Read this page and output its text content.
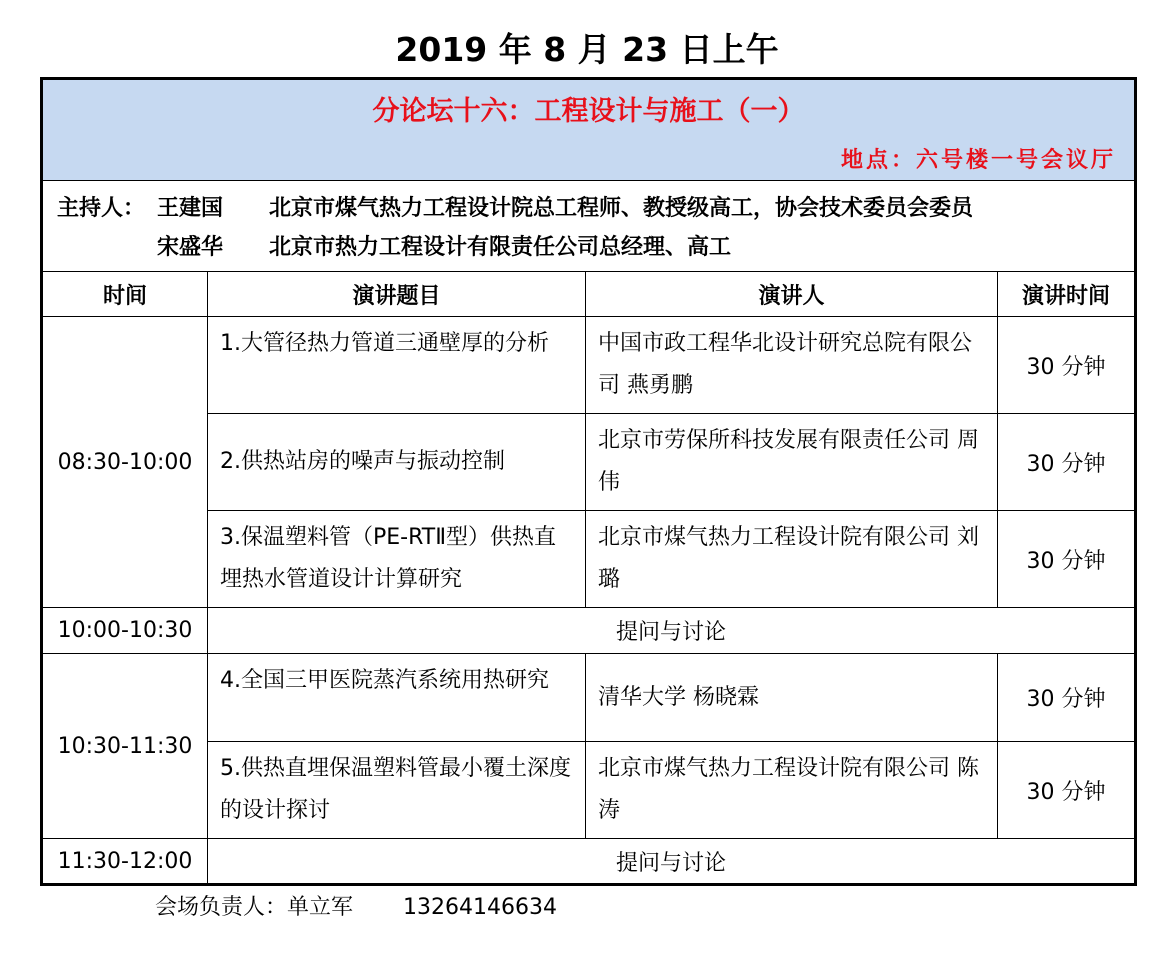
2019 年 8 月 23 日上午
分论坛十六：工程设计与施工（一）
地点：六号楼一号会议厅			

主持人： 王建国 北京市煤气热力工程设计院总工程师、教授级高工，协会技术委员会委员
宋盛华 北京市热力工程设计有限责任公司总经理、高工			

时间	演讲题目	演讲人	演讲时间
08:30-10:00	1.大管径热力管道三通壁厚的分析	中国市政工程华北设计研究总院有限公司 燕勇鹏	30 分钟
	2.供热站房的噪声与振动控制	北京市劳保所科技发展有限责任公司 周伟	30 分钟
	3.保温塑料管（PE-RTⅡ型）供热直埋热水管道设计计算研究	北京市煤气热力工程设计院有限公司 刘璐	30 分钟
10:00-10:30	提问与讨论		
10:30-11:30	4.全国三甲医院蒸汽系统用热研究	清华大学 杨晓霖	30 分钟
	5.供热直埋保温塑料管最小覆土深度的设计探讨	北京市煤气热力工程设计院有限公司 陈涛	30 分钟
11:30-12:00	提问与讨论		
会场负责人：单立军 13264146634
